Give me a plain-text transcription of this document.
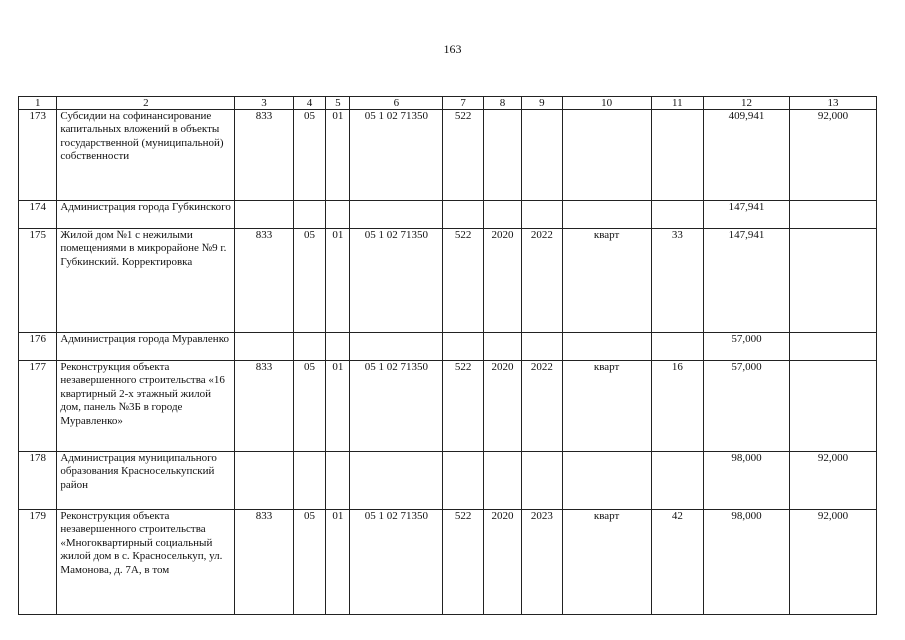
163
1	2	3	4	5	6	7	8	9	10	11	12	13
173	Субсидии на софинансирование капитальных вложений в объекты государственной (муниципальной) собственности	833	05	01	05 1 02 71350	522					409,941	92,000
174	Администрация города Губкинского										147,941	
175	Жилой дом №1 с нежилыми помещениями в микрорайоне №9 г. Губкинский. Корректировка	833	05	01	05 1 02 71350	522	2020	2022	кварт	33	147,941	
176	Администрация города Муравленко										57,000	
177	Реконструкция объекта незавершенного строительства «16 квартирный 2-х этажный жилой дом, панель №3Б в городе Муравленко»	833	05	01	05 1 02 71350	522	2020	2022	кварт	16	57,000	
178	Администрация муниципального образования Красноселькупский район										98,000	92,000
179	Реконструкция объекта незавершенного строительства «Многоквартирный социальный жилой дом в с. Красноселькуп, ул. Мамонова, д. 7А, в том	833	05	01	05 1 02 71350	522	2020	2023	кварт	42	98,000	92,000
